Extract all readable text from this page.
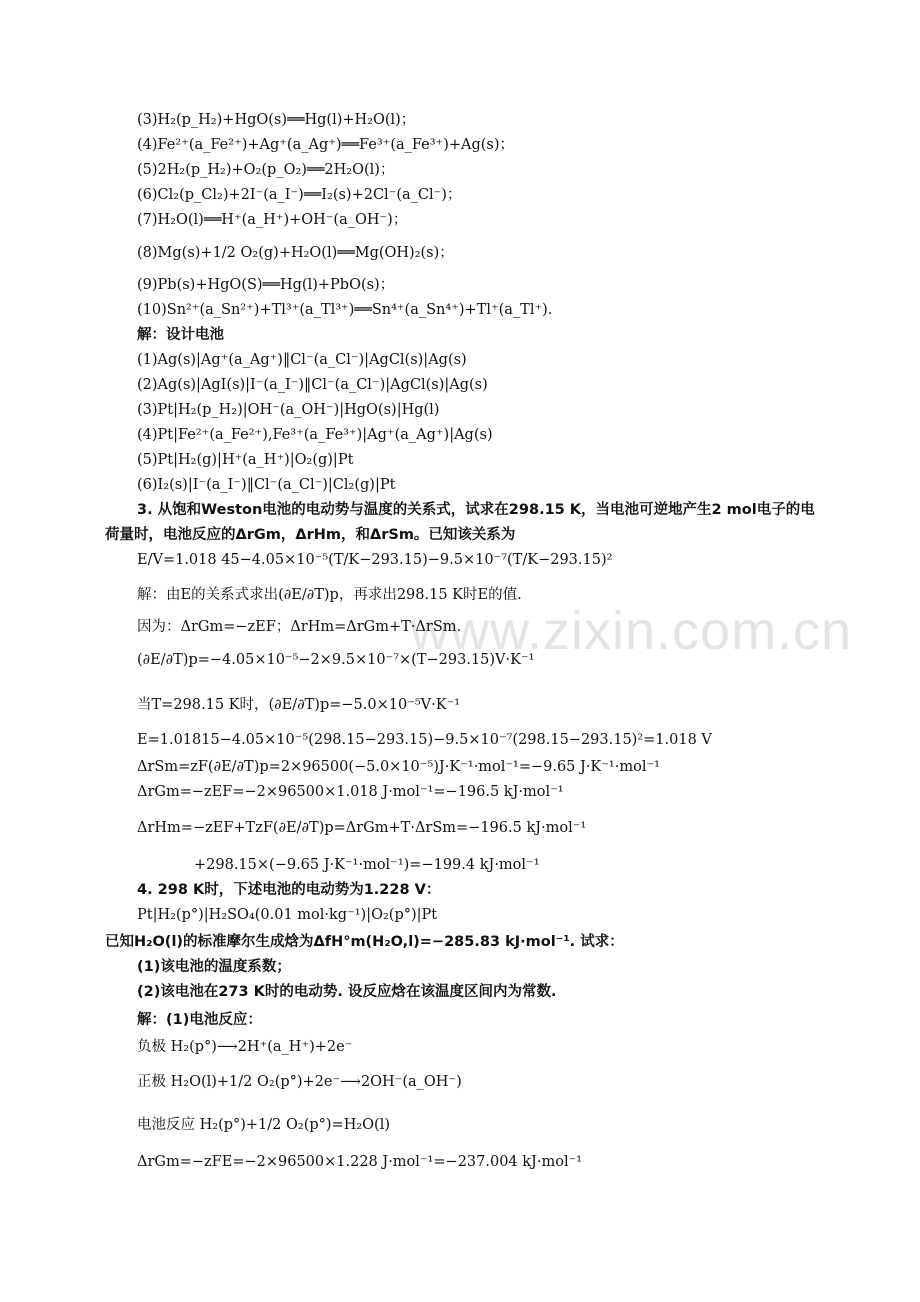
www.zixin.com.cn
(3)H₂(p_H₂)+HgO(s)══Hg(l)+H₂O(l)；
(4)Fe²⁺(a_Fe²⁺)+Ag⁺(a_Ag⁺)══Fe³⁺(a_Fe³⁺)+Ag(s)；
(5)2H₂(p_H₂)+O₂(p_O₂)══2H₂O(l)；
(6)Cl₂(p_Cl₂)+2I⁻(a_I⁻)══I₂(s)+2Cl⁻(a_Cl⁻)；
(7)H₂O(l)══H⁺(a_H⁺)+OH⁻(a_OH⁻)；
(8)Mg(s)+1/2 O₂(g)+H₂O(l)══Mg(OH)₂(s)；
(9)Pb(s)+HgO(S)══Hg(l)+PbO(s)；
(10)Sn²⁺(a_Sn²⁺)+Tl³⁺(a_Tl³⁺)══Sn⁴⁺(a_Sn⁴⁺)+Tl⁺(a_Tl⁺).
解：设计电池
(1)Ag(s)|Ag⁺(a_Ag⁺)‖Cl⁻(a_Cl⁻)|AgCl(s)|Ag(s)
(2)Ag(s)|AgI(s)|I⁻(a_I⁻)‖Cl⁻(a_Cl⁻)|AgCl(s)|Ag(s)
(3)Pt|H₂(p_H₂)|OH⁻(a_OH⁻)|HgO(s)|Hg(l)
(4)Pt|Fe²⁺(a_Fe²⁺),Fe³⁺(a_Fe³⁺)|Ag⁺(a_Ag⁺)|Ag(s)
(5)Pt|H₂(g)|H⁺(a_H⁺)|O₂(g)|Pt
(6)I₂(s)|I⁻(a_I⁻)‖Cl⁻(a_Cl⁻)|Cl₂(g)|Pt
3. 从饱和Weston电池的电动势与温度的关系式，试求在298.15 K，当电池可逆地产生2 mol电子的电
荷量时，电池反应的ΔrGm，ΔrHm，和ΔrSm。已知该关系为
E/V=1.018 45−4.05×10⁻⁵(T/K−293.15)−9.5×10⁻⁷(T/K−293.15)²
解：由E的关系式求出(∂E/∂T)p，再求出298.15 K时E的值.
因为：ΔrGm=−zEF；ΔrHm=ΔrGm+T·ΔrSm.
(∂E/∂T)p=−4.05×10⁻⁵−2×9.5×10⁻⁷×(T−293.15)V·K⁻¹
当T=298.15 K时，(∂E/∂T)p=−5.0×10⁻⁵V·K⁻¹
E=1.01815−4.05×10⁻⁵(298.15−293.15)−9.5×10⁻⁷(298.15−293.15)²=1.018 V
ΔrSm=zF(∂E/∂T)p=2×96500(−5.0×10⁻⁵)J·K⁻¹·mol⁻¹=−9.65 J·K⁻¹·mol⁻¹
ΔrGm=−zEF=−2×96500×1.018 J·mol⁻¹=−196.5 kJ·mol⁻¹
ΔrHm=−zEF+TzF(∂E/∂T)p=ΔrGm+T·ΔrSm=−196.5 kJ·mol⁻¹
+298.15×(−9.65 J·K⁻¹·mol⁻¹)=−199.4 kJ·mol⁻¹
4. 298 K时，下述电池的电动势为1.228 V：
Pt|H₂(p°)|H₂SO₄(0.01 mol·kg⁻¹)|O₂(p°)|Pt
已知H₂O(l)的标准摩尔生成焓为ΔfH°m(H₂O,l)=−285.83 kJ·mol⁻¹. 试求：
(1)该电池的温度系数；
(2)该电池在273 K时的电动势. 设反应焓在该温度区间内为常数.
解：(1)电池反应：
负极 H₂(p°)⟶2H⁺(a_H⁺)+2e⁻
正极 H₂O(l)+1/2 O₂(p°)+2e⁻⟶2OH⁻(a_OH⁻)
电池反应 H₂(p°)+1/2 O₂(p°)=H₂O(l)
ΔrGm=−zFE=−2×96500×1.228 J·mol⁻¹=−237.004 kJ·mol⁻¹
